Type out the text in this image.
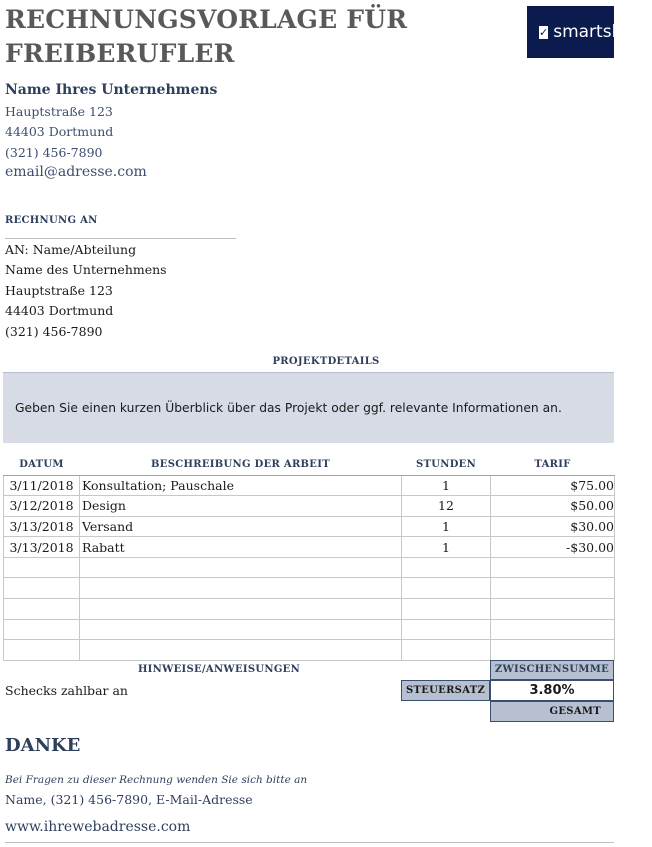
RECHNUNGSVORLAGE FÜR FREIBERUFLER
✓ smartsheet
Name Ihres Unternehmens
Hauptstraße 123
44403 Dortmund
(321) 456-7890
email@adresse.com
RECHNUNG AN
AN: Name/Abteilung
Name des Unternehmens
Hauptstraße 123
44403 Dortmund
(321) 456-7890
PROJEKTDETAILS
Geben Sie einen kurzen Überblick über das Projekt oder ggf. relevante Informationen an.
DATUM	BESCHREIBUNG DER ARBEIT	STUNDEN	TARIF
3/11/2018	Konsultation; Pauschale	1	$75.00
3/12/2018	Design	12	$50.00
3/13/2018	Versand	1	$30.00
3/13/2018	Rabatt	1	-$30.00

HINWEISE/ANWEISUNGEN
Schecks zahlbar an
ZWISCHENSUMME
STEUERSATZ	3.80%
GESAMT
DANKE
Bei Fragen zu dieser Rechnung wenden Sie sich bitte an
Name, (321) 456-7890, E-Mail-Adresse
www.ihrewebadresse.com
